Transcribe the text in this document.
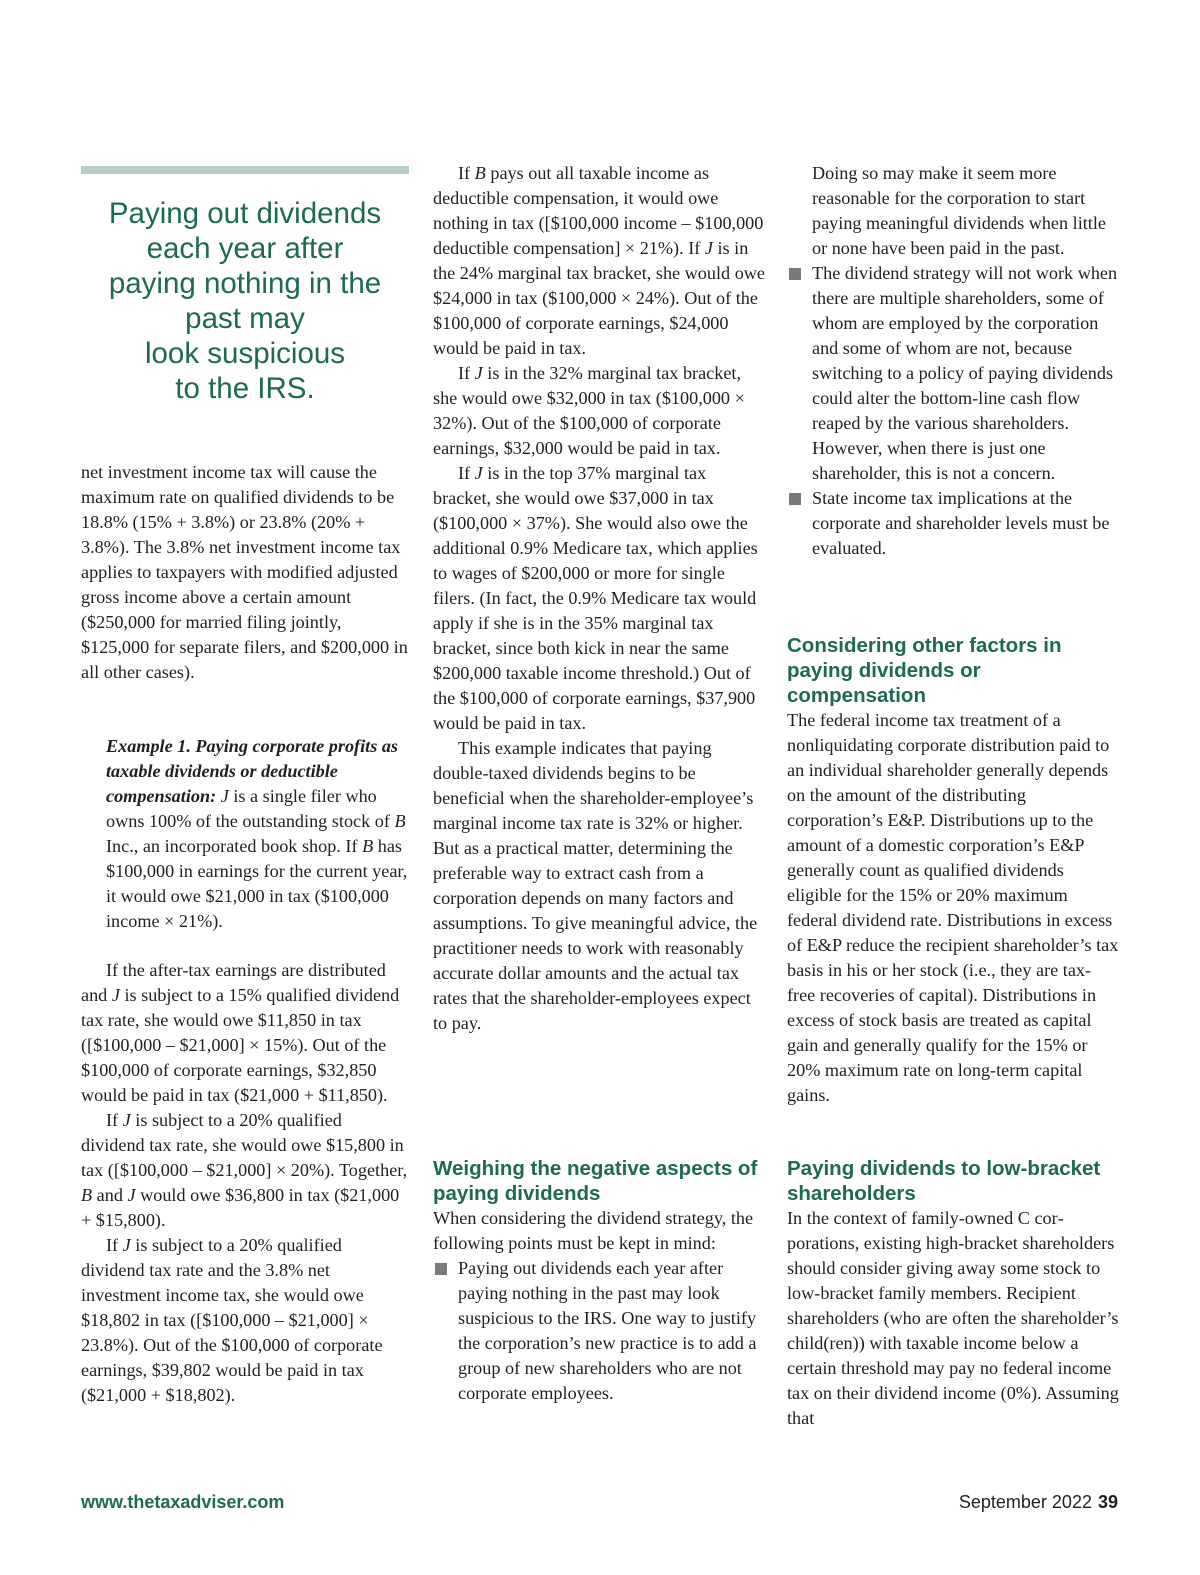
Paying out dividends
each year after
paying nothing in the
past may
look suspicious
to the IRS.

net investment income tax will cause the maximum rate on qualified dividends to be 18.8% (15% + 3.8%) or 23.8% (20% + 3.8%). The 3.8% net investment income tax applies to taxpayers with modified adjusted gross income above a certain amount ($250,000 for married filing jointly, $125,000 for separate filers, and $200,000 in all other cases).

Example 1. Paying corporate profits as taxable dividends or deductible compensation: J is a single filer who owns 100% of the outstanding stock of B Inc., an incorporated book shop. If B has $100,000 in earnings for the current year, it would owe $21,000 in tax ($100,000 income × 21%).

If the after-tax earnings are distributed and J is subject to a 15% qualified dividend tax rate, she would owe $11,850 in tax ([$100,000 – $21,000] × 15%). Out of the $100,000 of corporate earnings, $32,850 would be paid in tax ($21,000 + $11,850).

If J is subject to a 20% qualified dividend tax rate, she would owe $15,800 in tax ([$100,000 – $21,000] × 20%). Together, B and J would owe $36,800 in tax ($21,000 + $15,800).

If J is subject to a 20% qualified dividend tax rate and the 3.8% net investment income tax, she would owe $18,802 in tax ([$100,000 – $21,000] × 23.8%). Out of the $100,000 of corporate earnings, $39,802 would be paid in tax ($21,000 + $18,802).

If B pays out all taxable income as deductible compensation, it would owe nothing in tax ([$100,000 income – $100,000 deductible compensation] × 21%). If J is in the 24% marginal tax bracket, she would owe $24,000 in tax ($100,000 × 24%). Out of the $100,000 of corporate earnings, $24,000 would be paid in tax.

If J is in the 32% marginal tax bracket, she would owe $32,000 in tax ($100,000 × 32%). Out of the $100,000 of corporate earnings, $32,000 would be paid in tax.

If J is in the top 37% marginal tax bracket, she would owe $37,000 in tax ($100,000 × 37%). She would also owe the additional 0.9% Medicare tax, which applies to wages of $200,000 or more for single filers. (In fact, the 0.9% Medicare tax would apply if she is in the 35% marginal tax bracket, since both kick in near the same $200,000 taxable income threshold.) Out of the $100,000 of corporate earnings, $37,900 would be paid in tax.

This example indicates that paying double-taxed dividends begins to be beneficial when the shareholder-employee’s marginal income tax rate is 32% or higher. But as a practical matter, determining the preferable way to extract cash from a corporation depends on many factors and assumptions. To give meaningful advice, the practitioner needs to work with reasonably accurate dollar amounts and the actual tax rates that the shareholder-employees expect to pay.

Weighing the negative aspects of paying dividends

When considering the dividend strategy, the following points must be kept in mind:

Paying out dividends each year after paying nothing in the past may look suspicious to the IRS. One way to justify the corporation’s new practice is to add a group of new shareholders who are not corporate employees.

Doing so may make it seem more reasonable for the corporation to start paying meaningful dividends when little or none have been paid in the past.

The dividend strategy will not work when there are multiple shareholders, some of whom are employed by the corporation and some of whom are not, because switching to a policy of paying dividends could alter the bottom-line cash flow reaped by the various shareholders. However, when there is just one shareholder, this is not a concern.
State income tax implications at the corporate and shareholder levels must be evaluated.
Considering other factors in paying dividends or compensation

The federal income tax treatment of a nonliquidating corporate distribution paid to an individual shareholder generally depends on the amount of the distributing corporation’s E&P. Distributions up to the amount of a domestic corporation’s E&P generally count as qualified dividends eligible for the 15% or 20% maximum federal dividend rate. Distributions in excess of E&P reduce the recipient shareholder’s tax basis in his or her stock (i.e., they are tax-free recoveries of capital). Distributions in excess of stock basis are treated as capital gain and generally qualify for the 15% or 20% maximum rate on long-term capital gains.

Paying dividends to low-bracket shareholders

In the context of family-owned C corporations, existing high-bracket shareholders should consider giving away some stock to low-bracket family members. Recipient shareholders (who are often the shareholder’s child(ren)) with taxable income below a certain threshold may pay no federal income tax on their dividend income (0%). Assuming that

www.thetaxadviser.com	September 2022 39
